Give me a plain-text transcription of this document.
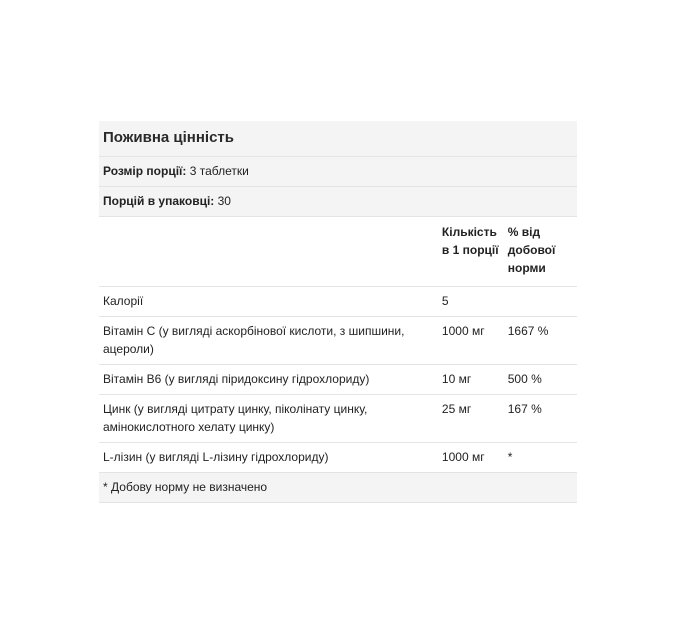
Поживна цінність		
Розмір порції: 3 таблетки		
Порцій в упаковці: 30		
	Кількість в 1 порції	% від добової норми
Калорії	5	
Вітамін С (у вигляді аскорбінової кислоти, з шипшини, ацероли)	1000 мг	1667 %
Вітамін В6 (у вигляді піридоксину гідрохлориду)	10 мг	500 %
Цинк (у вигляді цитрату цинку, піколінату цинку, амінокислотного хелату цинку)	25 мг	167 %
L-лізин (у вигляді L-лізину гідрохлориду)	1000 мг	*
* Добову норму не визначено		
